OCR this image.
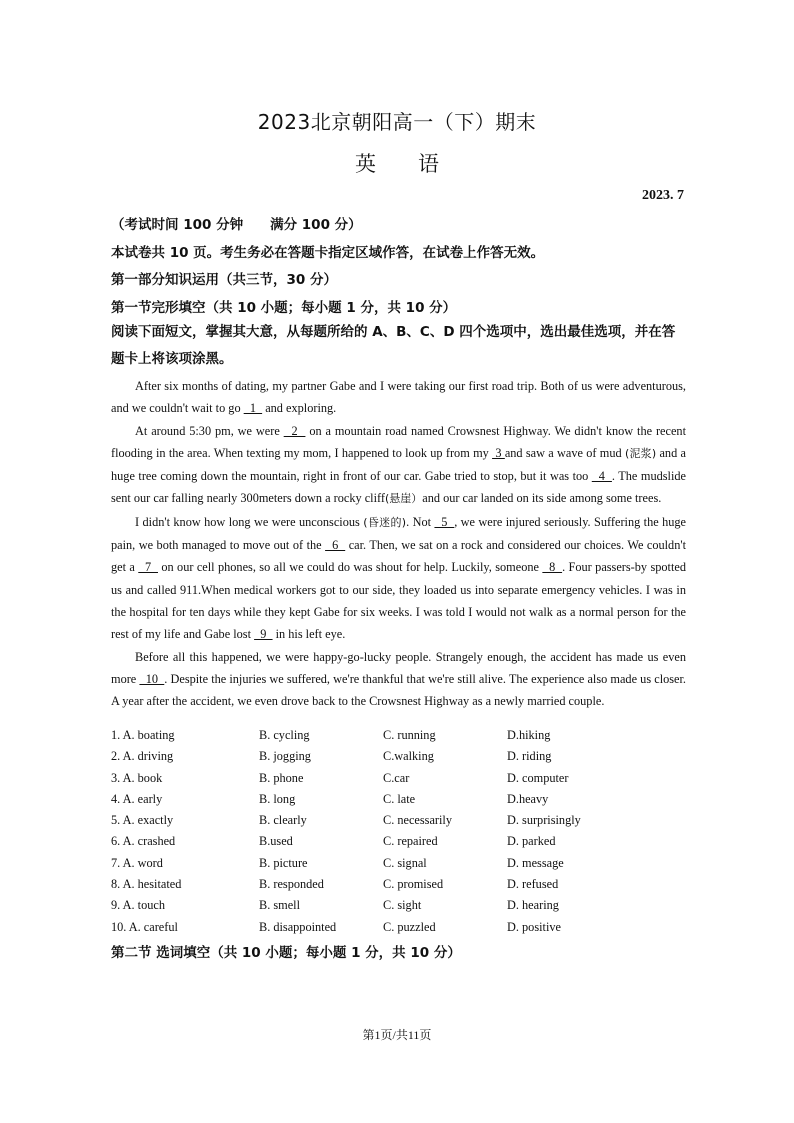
2023北京朝阳高一（下）期末
英　　语
2023. 7
（考试时间 100 分钟　　满分 100 分）
本试卷共 10 页。考生务必在答题卡指定区域作答，在试卷上作答无效。
第一部分知识运用（共三节，30 分）
第一节完形填空（共 10 小题；每小题 1 分，共 10 分）
阅读下面短文，掌握其大意，从每题所给的 A、B、C、D 四个选项中，选出最佳选项，并在答题卡上将该项涂黑。

After six months of dating, my partner Gabe and I were taking our first road trip. Both of us were adventurous, and we couldn't wait to go   1   and exploring.

At around 5:30 pm, we were   2   on a mountain road named Crowsnest Highway. We didn't know the recent flooding in the area. When texting my mom, I happened to look up from my  3 and saw a wave of mud (泥浆) and a huge tree coming down the mountain, right in front of our car. Gabe tried to stop, but it was too   4  . The mudslide sent our car falling nearly 300meters down a rocky cliff(悬崖）and our car landed on its side among some trees.

I didn't know how long we were unconscious (昏迷的). Not   5  , we were injured seriously. Suffering the huge pain, we both managed to move out of the   6   car. Then, we sat on a rock and considered our choices. We couldn't get a   7   on our cell phones, so all we could do was shout for help. Luckily, someone   8  . Four passers-by spotted us and called 911.When medical workers got to our side, they loaded us into separate emergency vehicles. I was in the hospital for ten days while they kept Gabe for six weeks. I was told I would not walk as a normal person for the rest of my life and Gabe lost   9   in his left eye.

Before all this happened, we were happy-go-lucky people. Strangely enough, the accident has made us even more   10  . Despite the injuries we suffered, we're thankful that we're still alive. The experience also made us closer. A year after the accident, we even drove back to the Crowsnest Highway as a newly married couple.

1. A. boating	B. cycling	C. running	D.hiking
2. A. driving	B. jogging	C.walking	D. riding
3. A. book	B. phone	C.car	D. computer
4. A. early	B. long	C. late	D.heavy
5. A. exactly	B. clearly	C. necessarily	D. surprisingly
6. A. crashed	B.used	C. repaired	D. parked
7. A. word	B. picture	C. signal	D. message
8. A. hesitated	B. responded	C. promised	D. refused
9. A. touch	B. smell	C. sight	D. hearing
10. A. careful	B. disappointed	C. puzzled	D. positive
第二节 选词填空（共 10 小题；每小题 1 分，共 10 分）
第1页/共11页
